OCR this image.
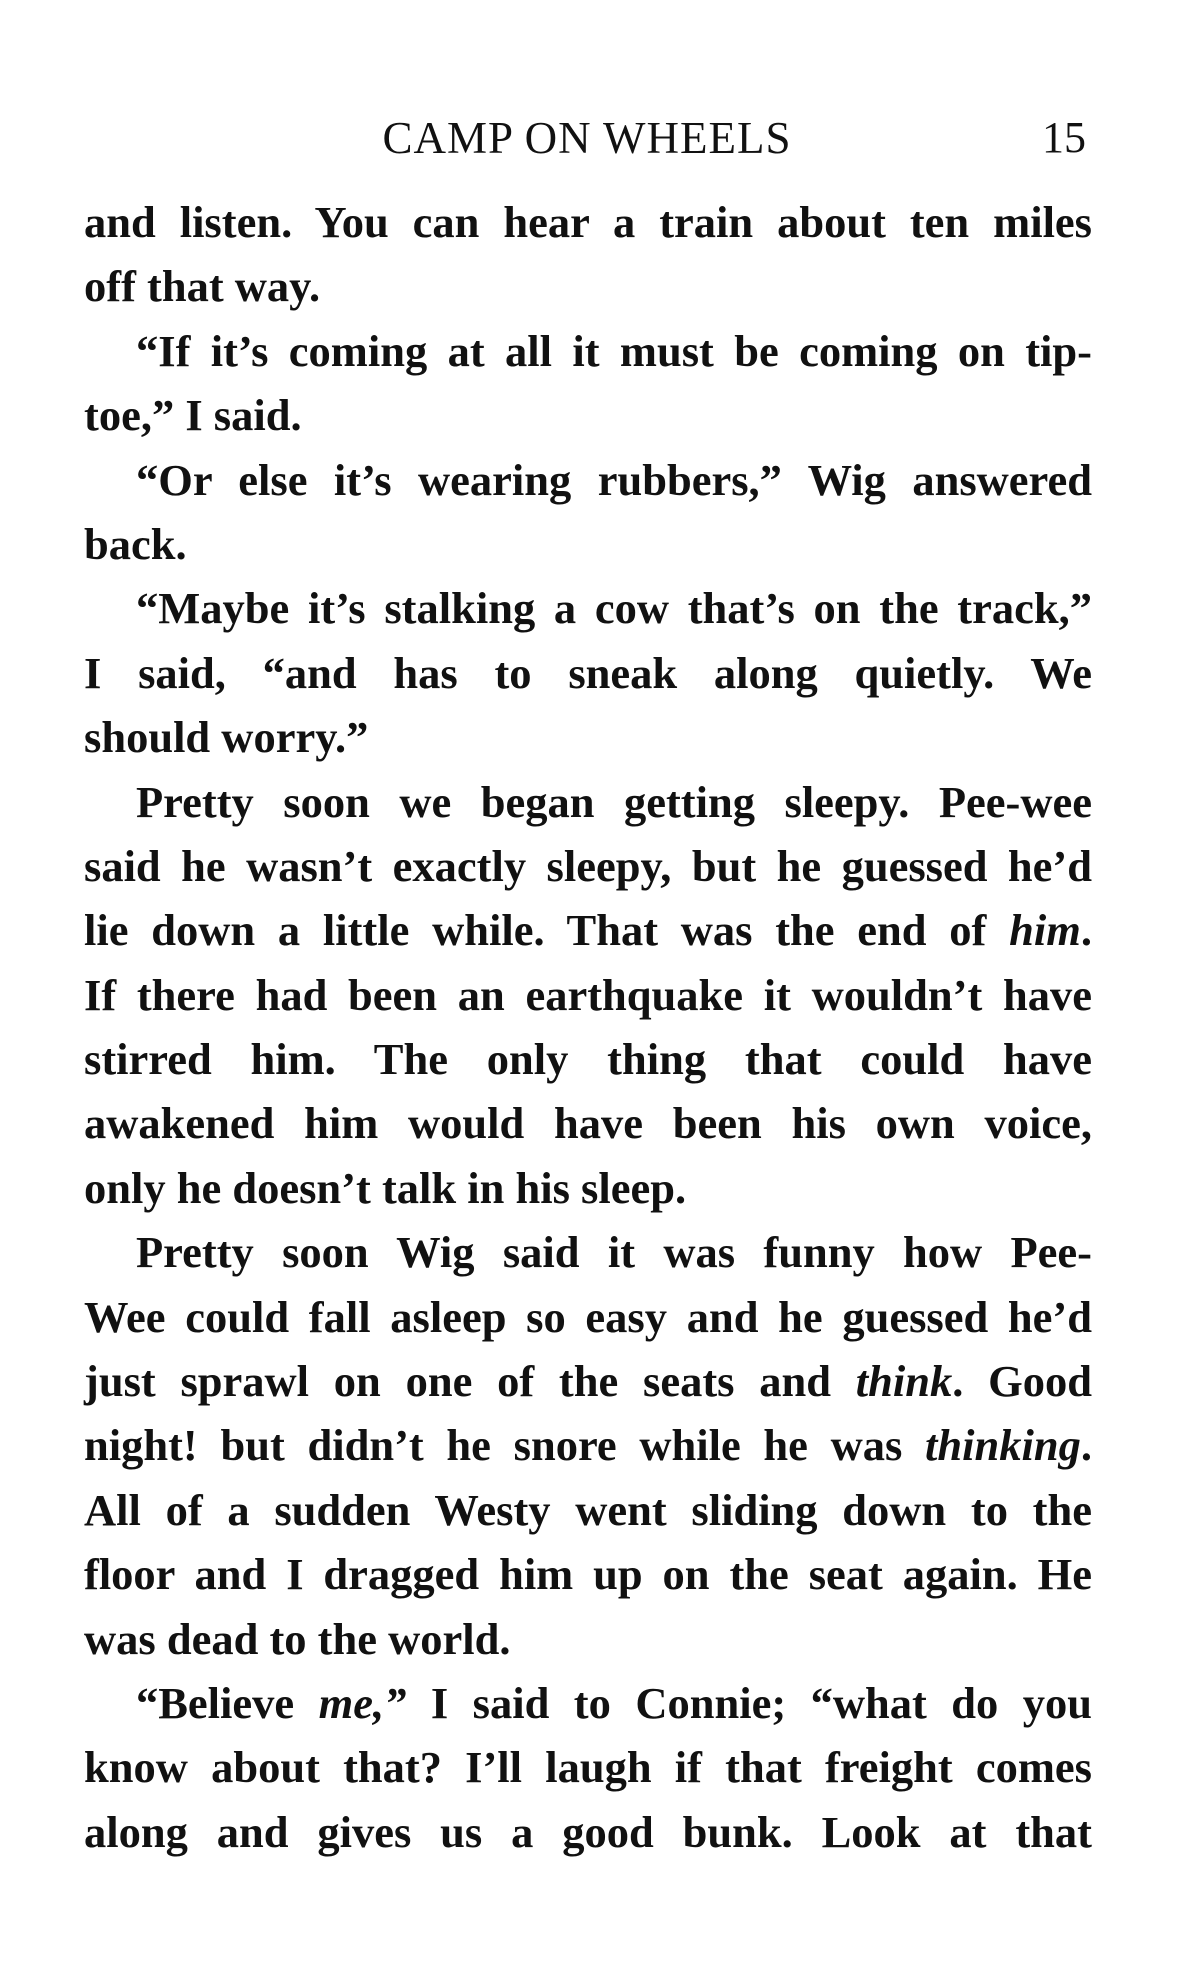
CAMP ON WHEELS	15
and listen. You can hear a train about ten miles
off that way.
“If it’s coming at all it must be coming on tip-
toe,” I said.
“Or else it’s wearing rubbers,” Wig answered
back.
“Maybe it’s stalking a cow that’s on the track,”
I said, “and has to sneak along quietly. We
should worry.”
Pretty soon we began getting sleepy. Pee-wee
said he wasn’t exactly sleepy, but he guessed he’d
lie down a little while. That was the end of him.
If there had been an earthquake it wouldn’t have
stirred him. The only thing that could have
awakened him would have been his own voice,
only he doesn’t talk in his sleep.
Pretty soon Wig said it was funny how Pee-
Wee could fall asleep so easy and he guessed he’d
just sprawl on one of the seats and think. Good
night! but didn’t he snore while he was thinking.
All of a sudden Westy went sliding down to the
floor and I dragged him up on the seat again. He
was dead to the world.
“Believe me,” I said to Connie; “what do you
know about that? I’ll laugh if that freight comes
along and gives us a good bunk. Look at that
